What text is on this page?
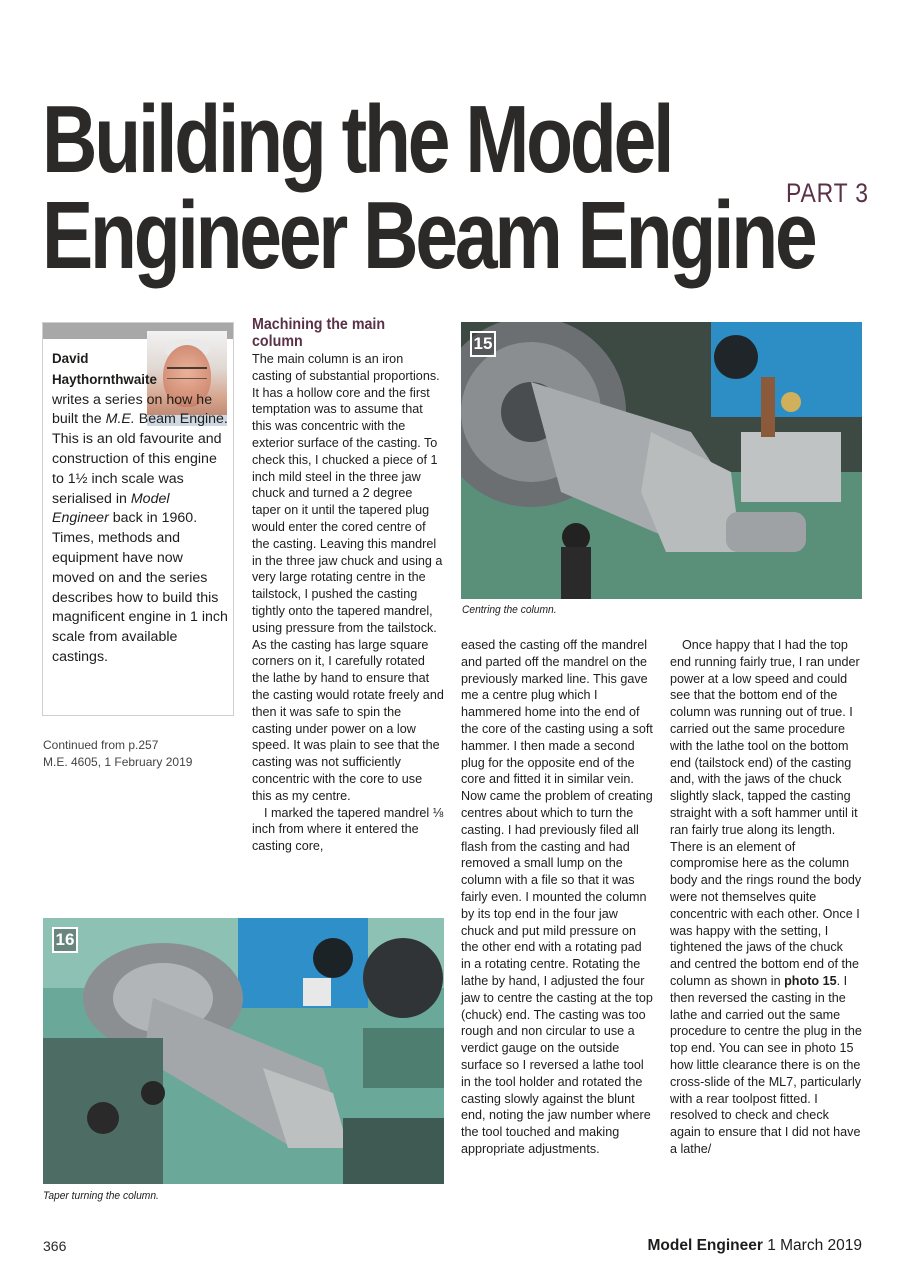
Building the Model
Engineer Beam Engine
PART 3
David
Haythornthwaite
writes a series on how he built the M.E. Beam Engine. This is an old favourite and construction of this engine to 1½ inch scale was serialised in Model Engineer back in 1960. Times, methods and equipment have now moved on and the series describes how to build this magnificent engine in 1 inch scale from available castings.
Continued from p.257
M.E. 4605, 1 February 2019
Machining the main column

The main column is an iron casting of substantial proportions. It has a hollow core and the first temptation was to assume that this was concentric with the exterior surface of the casting. To check this, I chucked a piece of 1 inch mild steel in the three jaw chuck and turned a 2 degree taper on it until the tapered plug would enter the cored centre of the casting. Leaving this mandrel in the three jaw chuck and using a very large rotating centre in the tailstock, I pushed the casting tightly onto the tapered mandrel, using pressure from the tailstock. As the casting has large square corners on it, I carefully rotated the lathe by hand to ensure that the casting would rotate freely and then it was safe to spin the casting under power on a low speed. It was plain to see that the casting was not sufficiently concentric with the core to use this as my centre.

I marked the tapered mandrel ⅛ inch from where it entered the casting core,

15
Centring the column.

eased the casting off the mandrel and parted off the mandrel on the previously marked line. This gave me a centre plug which I hammered home into the end of the core of the casting using a soft hammer. I then made a second plug for the opposite end of the core and fitted it in similar vein. Now came the problem of creating centres about which to turn the casting. I had previously filed all flash from the casting and had removed a small lump on the column with a file so that it was fairly even. I mounted the column by its top end in the four jaw chuck and put mild pressure on the other end with a rotating pad in a rotating centre. Rotating the lathe by hand, I adjusted the four jaw to centre the casting at the top (chuck) end. The casting was too rough and non circular to use a verdict gauge on the outside surface so I reversed a lathe tool in the tool holder and rotated the casting slowly against the blunt end, noting the jaw number where the tool touched and making appropriate adjustments.

Once happy that I had the top end running fairly true, I ran under power at a low speed and could see that the bottom end of the column was running out of true. I carried out the same procedure with the lathe tool on the bottom end (tailstock end) of the casting and, with the jaws of the chuck slightly slack, tapped the casting straight with a soft hammer until it ran fairly true along its length. There is an element of compromise here as the column body and the rings round the body were not themselves quite concentric with each other. Once I was happy with the setting, I tightened the jaws of the chuck and centred the bottom end of the column as shown in photo 15. I then reversed the casting in the lathe and carried out the same procedure to centre the plug in the top end. You can see in photo 15 how little clearance there is on the cross-slide of the ML7, particularly with a rear toolpost fitted. I resolved to check and check again to ensure that I did not have a lathe/

16
Taper turning the column.
366	Model Engineer 1 March 2019
